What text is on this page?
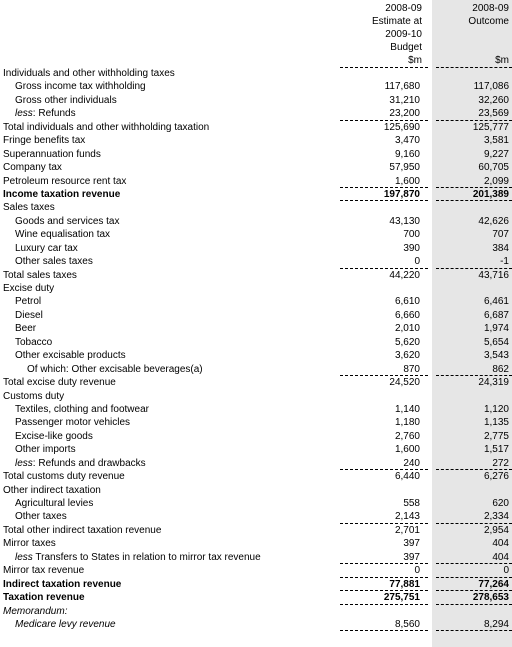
2008-09
Estimate at
2009-10
Budget
2008-09
Outcome
$m	$m
Individuals and other withholding taxes
Gross income tax withholding	117,680	117,086
Gross other individuals	31,210	32,260
less: Refunds	23,200	23,569
Total individuals and other withholding taxation	125,690	125,777
Fringe benefits tax	3,470	3,581
Superannuation funds	9,160	9,227
Company tax	57,950	60,705
Petroleum resource rent tax	1,600	2,099
Income taxation revenue	197,870	201,389
Sales taxes
Goods and services tax	43,130	42,626
Wine equalisation tax	700	707
Luxury car tax	390	384
Other sales taxes	0	-1
Total sales taxes	44,220	43,716
Excise duty
Petrol	6,610	6,461
Diesel	6,660	6,687
Beer	2,010	1,974
Tobacco	5,620	5,654
Other excisable products	3,620	3,543
Of which: Other excisable beverages(a)	870	862
Total excise duty revenue	24,520	24,319
Customs duty
Textiles, clothing and footwear	1,140	1,120
Passenger motor vehicles	1,180	1,135
Excise-like goods	2,760	2,775
Other imports	1,600	1,517
less: Refunds and drawbacks	240	272
Total customs duty revenue	6,440	6,276
Other indirect taxation
Agricultural levies	558	620
Other taxes	2,143	2,334
Total other indirect taxation revenue	2,701	2,954
Mirror taxes	397	404
less Transfers to States in relation to mirror tax revenue	397	404
Mirror tax revenue	0	0
Indirect taxation revenue	77,881	77,264
Taxation revenue	275,751	278,653
Memorandum:
Medicare levy revenue	8,560	8,294
